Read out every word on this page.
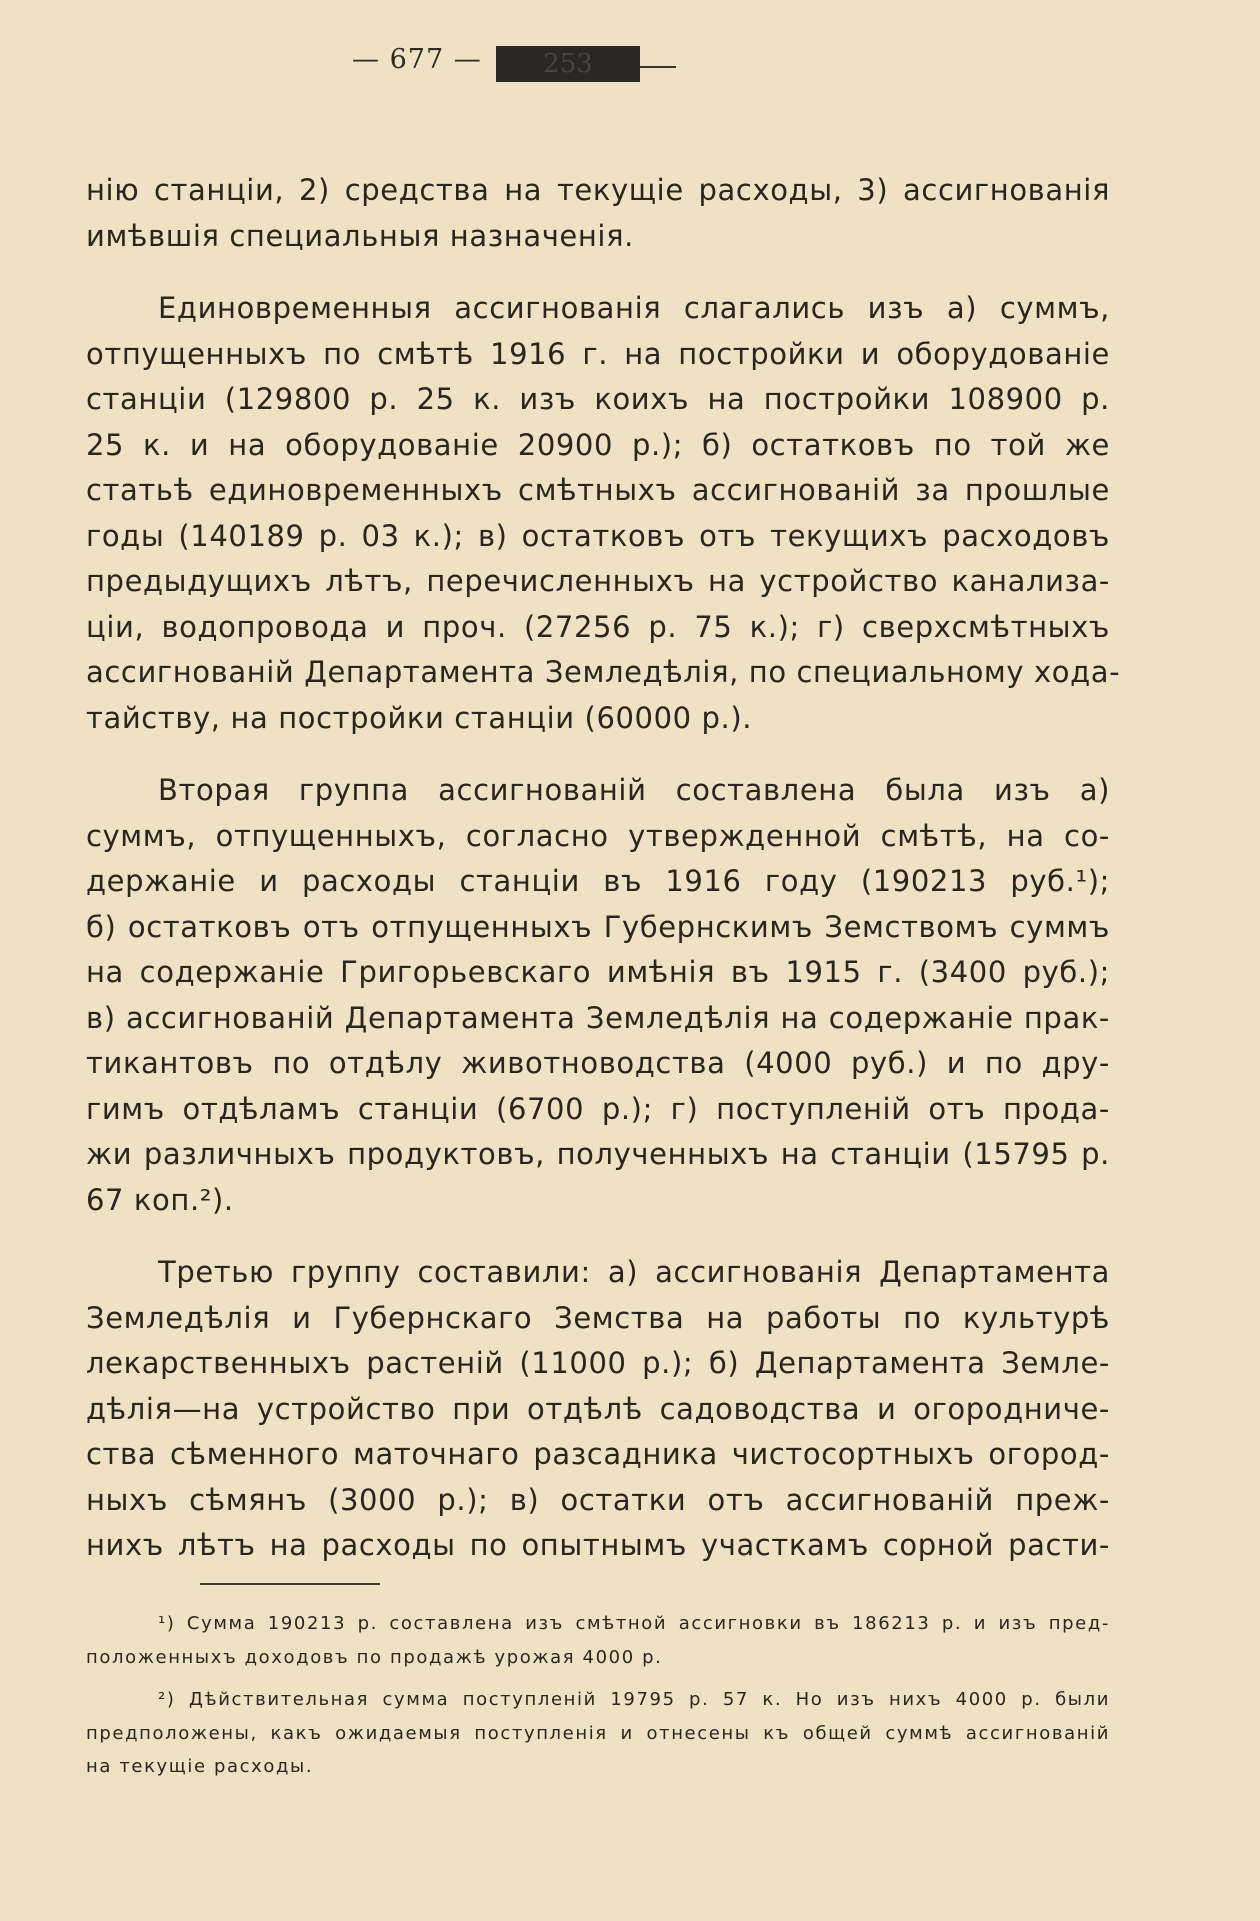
— 677 — 253
нію станціи, 2) средства на текущіе расходы, 3) ассигнованія
имѣвшія специальныя назначенія.
Единовременныя ассигнованія слагались изъ а) суммъ,
отпущенныхъ по смѣтѣ 1916 г. на постройки и оборудованіе
станціи (129800 р. 25 к. изъ коихъ на постройки 108900 р.
25 к. и на оборудованіе 20900 р.); б) остатковъ по той же
статьѣ единовременныхъ смѣтныхъ ассигнованій за прошлые
годы (140189 р. 03 к.); в) остатковъ отъ текущихъ расходовъ
предыдущихъ лѣтъ, перечисленныхъ на устройство канализа-
ціи, водопровода и проч. (27256 р. 75 к.); г) сверхсмѣтныхъ
ассигнованій Департамента Земледѣлія, по специальному хода-
тайству, на постройки станціи (60000 р.).
Вторая группа ассигнованій составлена была изъ а)
суммъ, отпущенныхъ, согласно утвержденной смѣтѣ, на со-
держаніе и расходы станціи въ 1916 году (190213 руб.¹);
б) остатковъ отъ отпущенныхъ Губернскимъ Земствомъ суммъ
на содержаніе Григорьевскаго имѣнія въ 1915 г. (3400 руб.);
в) ассигнованій Департамента Земледѣлія на содержаніе прак-
тикантовъ по отдѣлу животноводства (4000 руб.) и по дру-
гимъ отдѣламъ станціи (6700 р.); г) поступленій отъ прода-
жи различныхъ продуктовъ, полученныхъ на станціи (15795 р.
67 коп.²).
Третью группу составили: а) ассигнованія Департамента
Земледѣлія и Губернскаго Земства на работы по культурѣ
лекарственныхъ растеній (11000 р.); б) Департамента Земле-
дѣлія—на устройство при отдѣлѣ садоводства и огородниче-
ства сѣменного маточнаго разсадника чистосортныхъ огород-
ныхъ сѣмянъ (3000 р.); в) остатки отъ ассигнованій преж-
нихъ лѣтъ на расходы по опытнымъ участкамъ сорной расти-
¹) Сумма 190213 р. составлена изъ смѣтной ассигновки въ 186213 р. и изъ пред-
положенныхъ доходовъ по продажѣ урожая 4000 р.
²) Дѣйствительная сумма поступленій 19795 р. 57 к. Но изъ нихъ 4000 р. были
предположены, какъ ожидаемыя поступленія и отнесены къ общей суммѣ ассигнованій
на текущіе расходы.
